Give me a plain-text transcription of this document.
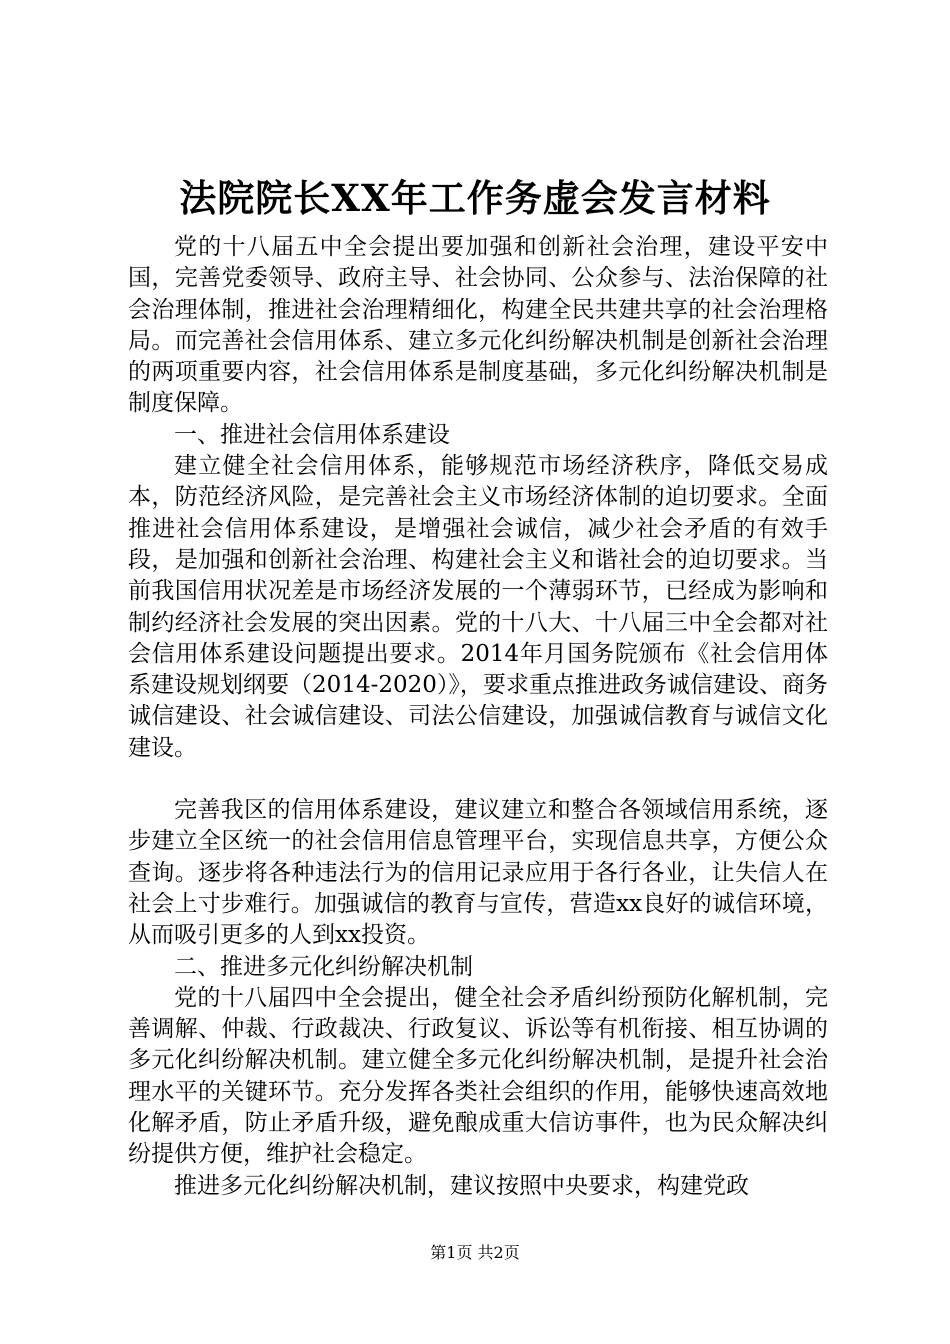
法院院长XX年工作务虚会发言材料

党的十八届五中全会提出要加强和创新社会治理，建设平安中国，完善党委领导、政府主导、社会协同、公众参与、法治保障的社会治理体制，推进社会治理精细化，构建全民共建共享的社会治理格局。而完善社会信用体系、建立多元化纠纷解决机制是创新社会治理的两项重要内容，社会信用体系是制度基础，多元化纠纷解决机制是制度保障。

一、推进社会信用体系建设

建立健全社会信用体系，能够规范市场经济秩序，降低交易成本，防范经济风险，是完善社会主义市场经济体制的迫切要求。全面推进社会信用体系建设，是增强社会诚信，减少社会矛盾的有效手段，是加强和创新社会治理、构建社会主义和谐社会的迫切要求。当前我国信用状况差是市场经济发展的一个薄弱环节，已经成为影响和制约经济社会发展的突出因素。党的十八大、十八届三中全会都对社会信用体系建设问题提出要求。2014年月国务院颁布《社会信用体系建设规划纲要（2014-2020）》，要求重点推进政务诚信建设、商务诚信建设、社会诚信建设、司法公信建设，加强诚信教育与诚信文化建设。

完善我区的信用体系建设，建议建立和整合各领域信用系统，逐步建立全区统一的社会信用信息管理平台，实现信息共享，方便公众查询。逐步将各种违法行为的信用记录应用于各行各业，让失信人在社会上寸步难行。加强诚信的教育与宣传，营造xx良好的诚信环境，从而吸引更多的人到xx投资。

二、推进多元化纠纷解决机制

党的十八届四中全会提出，健全社会矛盾纠纷预防化解机制，完善调解、仲裁、行政裁决、行政复议、诉讼等有机衔接、相互协调的多元化纠纷解决机制。建立健全多元化纠纷解决机制，是提升社会治理水平的关键环节。充分发挥各类社会组织的作用，能够快速高效地化解矛盾，防止矛盾升级，避免酿成重大信访事件，也为民众解决纠纷提供方便，维护社会稳定。

推进多元化纠纷解决机制，建议按照中央要求，构建党政

第1页 共2页
